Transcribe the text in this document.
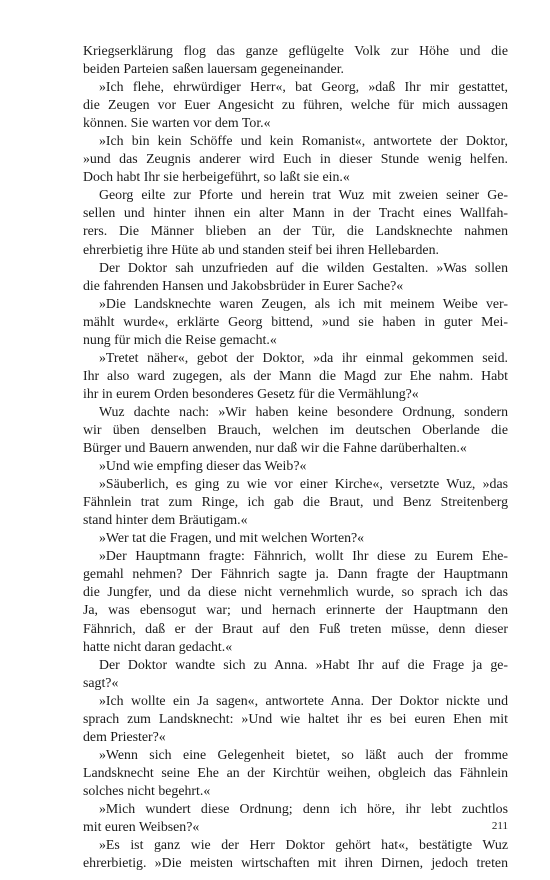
Kriegserklärung flog das ganze geflügelte Volk zur Höhe und die
beiden Parteien saßen lauersam gegeneinander.
»Ich flehe, ehrwürdiger Herr«, bat Georg, »daß Ihr mir gestattet,
die Zeugen vor Euer Angesicht zu führen, welche für mich aussagen
können. Sie warten vor dem Tor.«
»Ich bin kein Schöffe und kein Romanist«, antwortete der Doktor,
»und das Zeugnis anderer wird Euch in dieser Stunde wenig helfen.
Doch habt Ihr sie herbeigeführt, so laßt sie ein.«
Georg eilte zur Pforte und herein trat Wuz mit zweien seiner Ge-
sellen und hinter ihnen ein alter Mann in der Tracht eines Wallfah-
rers. Die Männer blieben an der Tür, die Landsknechte nahmen
ehrerbietig ihre Hüte ab und standen steif bei ihren Hellebarden.
Der Doktor sah unzufrieden auf die wilden Gestalten. »Was sollen
die fahrenden Hansen und Jakobsbrüder in Eurer Sache?«
»Die Landsknechte waren Zeugen, als ich mit meinem Weibe ver-
mählt wurde«, erklärte Georg bittend, »und sie haben in guter Mei-
nung für mich die Reise gemacht.«
»Tretet näher«, gebot der Doktor, »da ihr einmal gekommen seid.
Ihr also ward zugegen, als der Mann die Magd zur Ehe nahm. Habt
ihr in eurem Orden besonderes Gesetz für die Vermählung?«
Wuz dachte nach: »Wir haben keine besondere Ordnung, sondern
wir üben denselben Brauch, welchen im deutschen Oberlande die
Bürger und Bauern anwenden, nur daß wir die Fahne darüberhalten.«
»Und wie empfing dieser das Weib?«
»Säuberlich, es ging zu wie vor einer Kirche«, versetzte Wuz, »das
Fähnlein trat zum Ringe, ich gab die Braut, und Benz Streitenberg
stand hinter dem Bräutigam.«
»Wer tat die Fragen, und mit welchen Worten?«
»Der Hauptmann fragte: Fähnrich, wollt Ihr diese zu Eurem Ehe-
gemahl nehmen? Der Fähnrich sagte ja. Dann fragte der Hauptmann
die Jungfer, und da diese nicht vernehmlich wurde, so sprach ich das
Ja, was ebensogut war; und hernach erinnerte der Hauptmann den
Fähnrich, daß er der Braut auf den Fuß treten müsse, denn dieser
hatte nicht daran gedacht.«
Der Doktor wandte sich zu Anna. »Habt Ihr auf die Frage ja ge-
sagt?«
»Ich wollte ein Ja sagen«, antwortete Anna. Der Doktor nickte und
sprach zum Landsknecht: »Und wie haltet ihr es bei euren Ehen mit
dem Priester?«
»Wenn sich eine Gelegenheit bietet, so läßt auch der fromme
Landsknecht seine Ehe an der Kirchtür weihen, obgleich das Fähnlein
solches nicht begehrt.«
»Mich wundert diese Ordnung; denn ich höre, ihr lebt zuchtlos
mit euren Weibsen?«
»Es ist ganz wie der Herr Doktor gehört hat«, bestätigte Wuz
ehrerbietig. »Die meisten wirtschaften mit ihren Dirnen, jedoch treten
211
